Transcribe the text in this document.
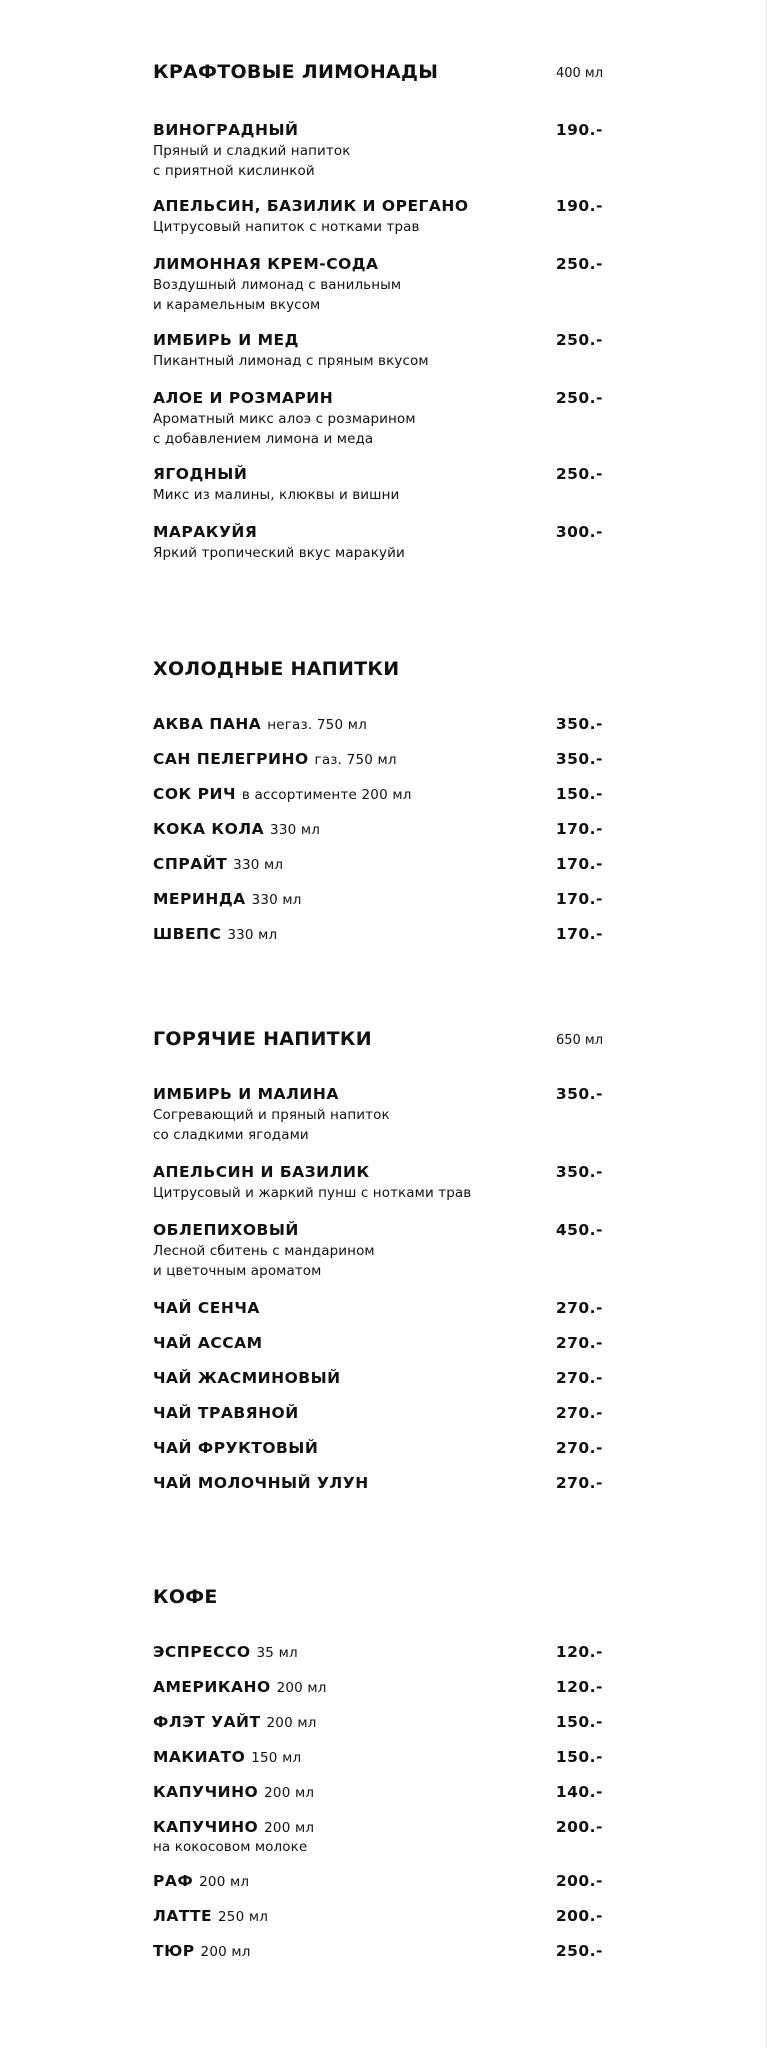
КРАФТОВЫЕ ЛИМОНАДЫ	400 мл
ВИНОГРАДНЫЙ
Пряный и сладкий напиток
с приятной кислинкой
190.-
АПЕЛЬСИН, БАЗИЛИК И ОРЕГАНО
Цитрусовый напиток с нотками трав
190.-
ЛИМОННАЯ КРЕМ-СОДА
Воздушный лимонад с ванильным
и карамельным вкусом
250.-
ИМБИРЬ И МЕД
Пикантный лимонад с пряным вкусом
250.-
АЛОЕ И РОЗМАРИН
Ароматный микс алоэ с розмарином
с добавлением лимона и меда
250.-
ЯГОДНЫЙ
Микс из малины, клюквы и вишни
250.-
МАРАКУЙЯ
Яркий тропический вкус маракуйи
300.-
ХОЛОДНЫЕ НАПИТКИ
АКВА ПАНА негаз. 750 мл	350.-
САН ПЕЛЕГРИНО газ. 750 мл	350.-
СОК РИЧ в ассортименте 200 мл	150.-
КОКА КОЛА 330 мл	170.-
СПРАЙТ 330 мл	170.-
МЕРИНДА 330 мл	170.-
ШВЕПС 330 мл	170.-
ГОРЯЧИЕ НАПИТКИ	650 мл
ИМБИРЬ И МАЛИНА
Согревающий и пряный напиток
со сладкими ягодами
350.-
АПЕЛЬСИН И БАЗИЛИК
Цитрусовый и жаркий пунш с нотками трав
350.-
ОБЛЕПИХОВЫЙ
Лесной сбитень с мандарином
и цветочным ароматом
450.-
ЧАЙ СЕНЧА	270.-
ЧАЙ АССАМ	270.-
ЧАЙ ЖАСМИНОВЫЙ	270.-
ЧАЙ ТРАВЯНОЙ	270.-
ЧАЙ ФРУКТОВЫЙ	270.-
ЧАЙ МОЛОЧНЫЙ УЛУН	270.-
КОФЕ
ЭСПРЕССО 35 мл	120.-
АМЕРИКАНО 200 мл	120.-
ФЛЭТ УАЙТ 200 мл	150.-
МАКИАТО 150 мл	150.-
КАПУЧИНО 200 мл	140.-
КАПУЧИНО 200 мл
на кокосовом молоке
200.-
РАФ 200 мл	200.-
ЛАТТЕ 250 мл	200.-
ТЮР 200 мл	250.-
